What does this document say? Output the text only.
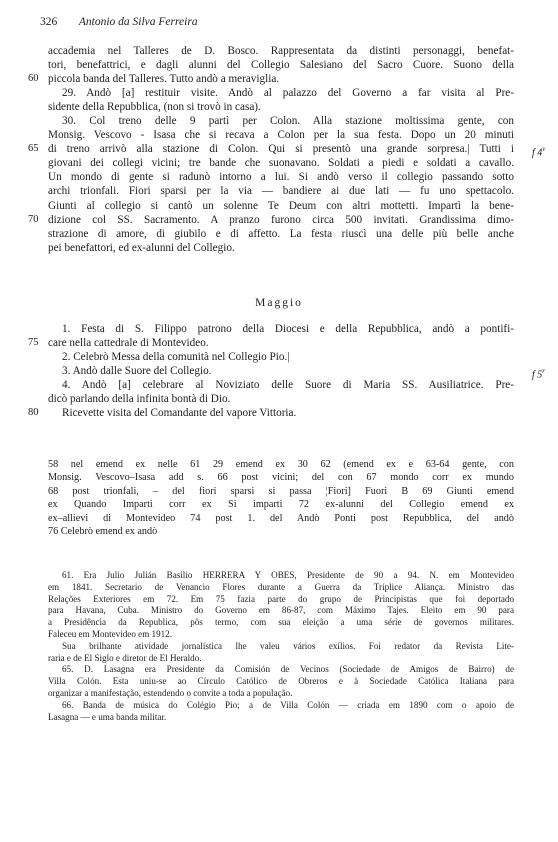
326 Antonio da Silva Ferreira
accademia nel Talleres de D. Bosco. Rappresentata da distinti personaggi, benefat-
tori, benefattrici, e dagli alunni del Collegio Salesiano del Sacro Cuore. Suono della
60 piccola banda del Talleres. Tutto andò a meraviglia.
29. Andò [a] restituir visite. Andò al palazzo del Governo a far visita al Pre-
sidente della Repubblica, (non si trovò in casa).
30. Col treno delle 9 partì per Colon. Alla stazione moltissima gente, con
Monsig. Vescovo - Isasa che si recava a Colon per la sua festa. Dopo un 20 minuti
65 di treno arrivò alla stazione di Colon. Qui si presentò una grande sorpresa.| Tutti i f 4$^v$
giovani dei collegi vicini; tre bande che suonavano. Soldati a piedi e soldati a cavallo.
Un mondo di gente si radunò intorno a lui. Si andò verso il collegio passando sotto
archi trionfali. Fiori sparsi per la via — bandiere ai due lati — fu uno spettacolo.
Giunti al collegio si cantò un solenne Te Deum con altri mottetti. Impartì la bene-
70 dizione col SS. Sacramento. A pranzo furono circa 500 invitati. Grandissima dimo-
strazione di amore, di giubilo e di affetto. La festa riuscì una delle più belle anche
pei benefattori, ed ex-alunni del Collegio.
Maggio
1. Festa di S. Filippo patrono della Diocesi e della Repubblica, andò a pontifi-
75 care nella cattedrale di Montevideo.
2. Celebrò Messa della comunità nel Collegio Pio.|
3. Andò dalle Suore del Collegio.	f 5$^r$
4. Andò [a] celebrare al Noviziato delle Suore di Maria SS. Ausiliatrice. Pre-
dicò parlando della infinita bontà di Dio.
80 Ricevette visita del Comandante del vapore Vittoria.
58 nel emend ex nelle 61 29 emend ex 30 62 (emend ex e 63-64 gente, con
Monsig. Vescovo–Isasa add s. 66 post vicini; del con 67 mondo corr ex mundo
68 post trionfali, – del fiori sparsi si passa ¦Fiori] Fuori B 69 Giunti emend
ex Quando Impartì corr ex Si imparti 72 ex-alunni del Collegio emend ex
ex–allievi di Montevideo 74 post 1. del Andò Ponti post Repubblica, del andò
76 Celebrò emend ex andò
61. Era Julio Julián Basilio HERRERA Y OBES, Presidente de 90 a 94. N. em Montevideo
em 1841. Secretario de Venancio Flores durante a Guerra da Tríplice Aliança. Ministro das
Relações Exteriores em 72. Em 75 fazia parte do grupo de Principistas que foi deportado
para Havana, Cuba. Ministro do Governo em 86-87, com Máximo Tajes. Eleito em 90 para
a Presidência da Republica, pôs termo, com sua eleição a uma série de governos militares.
Faleceu em Montevideo em 1912.
Sua brilhante atividade jornalística lhe valeu vários exílios. Foi redator da Revista Lite-
raria e de El Siglo e diretor de El Heraldo.
65. D. Lasagna era Presidente da Comisión de Vecinos (Sociedade de Amigos de Bairro) de
Villa Colón. Esta uniu-se ao Círculo Católico de Obreros e à Sociedade Católica Italiana para
organizar a manifestação, estendendo o convite a toda a população.
66. Banda de música do Colégio Pio; a de Villa Colón — criada em 1890 com o apoio de
Lasagna — e uma banda militar.
